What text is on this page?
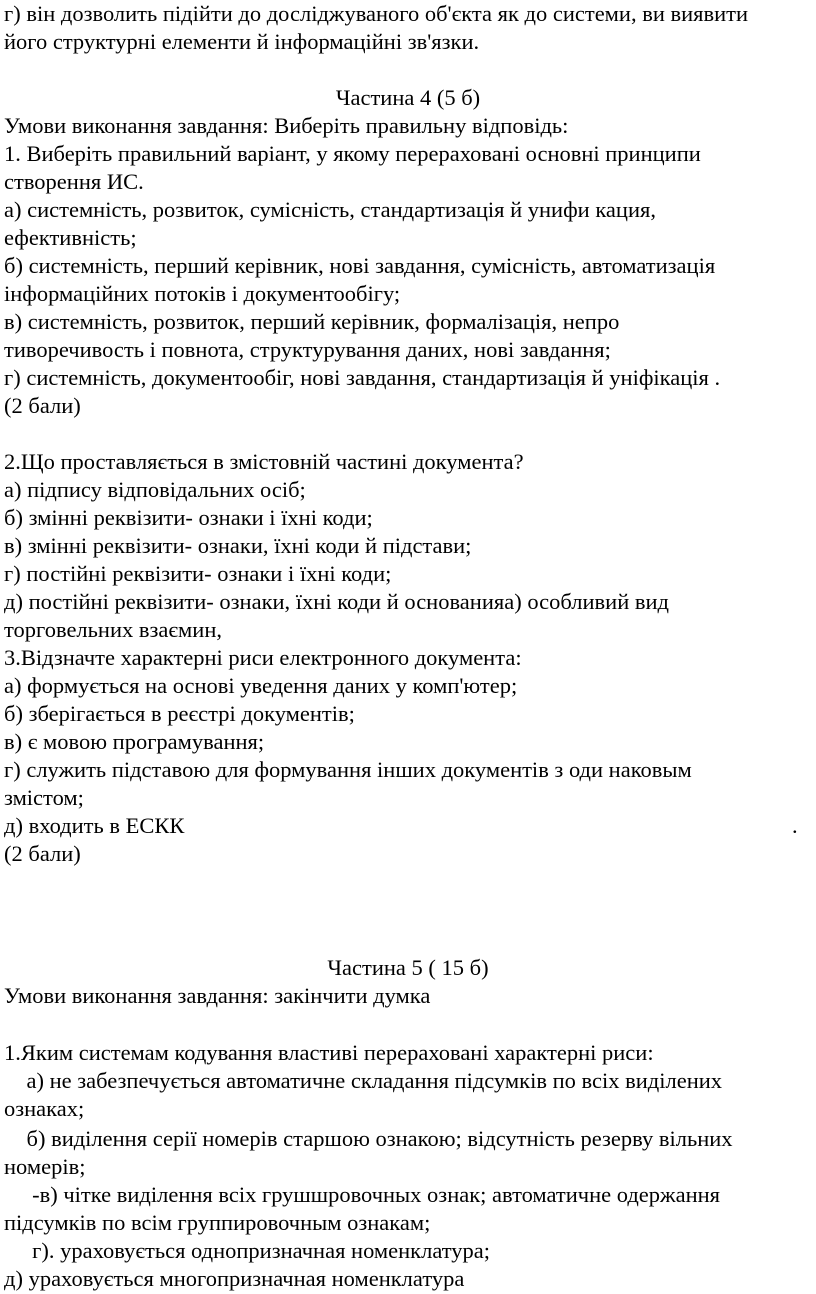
г) він дозволить підійти до досліджуваного об'єкта як до системи, ви виявити
його структурні елементи й інформаційні зв'язки.
Частина 4 (5 б)
Умови виконання завдання: Виберіть правильну відповідь:
1. Виберіть правильний варіант, у якому перераховані основні принципи
створення ИС.
а) системність, розвиток, сумісність, стандартизація й унифи кация,
ефективність;
б) системність, перший керівник, нові завдання, сумісність, автоматизація
інформаційних потоків і документообігу;
в) системність, розвиток, перший керівник, формалізація, непро
тиворечивость і повнота, структурування даних, нові завдання;
г) системність, документообіг, нові завдання, стандартизація й уніфікація .
(2 бали)
2.Що проставляється в змістовній частині документа?
а) підпису відповідальних осіб;
б) змінні реквізити- ознаки і їхні коди;
в) змінні реквізити- ознаки, їхні коди й підстави;
г) постійні реквізити- ознаки і їхні коди;
д) постійні реквізити- ознаки, їхні коди й основанияа) особливий вид
торговельних взаємин,
3.Відзначте характерні риси електронного документа:
а) формується на основі уведення даних у комп'ютер;
б) зберігається в реєстрі документів;
в) є мовою програмування;
г) служить підставою для формування інших документів з оди наковым
змістом;
д) входить в ЕСКК	.
(2 бали)
Частина 5 ( 15 б)
Умови виконання завдання: закінчити думка
1.Яким системам кодування властиві перераховані характерні риси:
а) не забезпечується автоматичне складання підсумків по всіх виділених
ознаках;
б) виділення серії номерів старшою ознакою; відсутність резерву вільних
номерів;
-в) чітке виділення всіх грушшровочных ознак; автоматичне одержання
підсумків по всім группировочным ознакам;
г). ураховується однопризначная номенклатура;
д) ураховується многопризначная номенклатура
